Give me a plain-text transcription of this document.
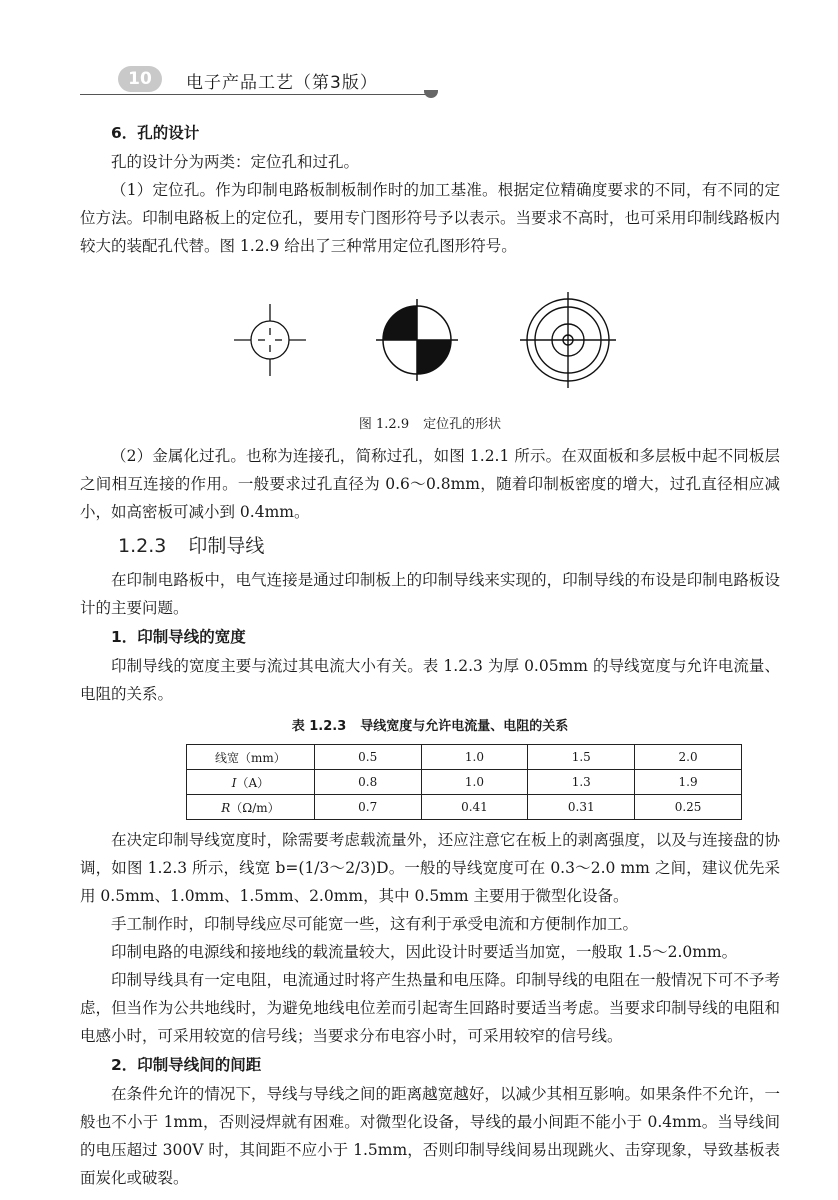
10	电子产品工艺（第3版）

6．孔的设计

孔的设计分为两类：定位孔和过孔。

（1）定位孔。作为印制电路板制板制作时的加工基准。根据定位精确度要求的不同，有不同的定位方法。印制电路板上的定位孔，要用专门图形符号予以表示。当要求不高时，也可采用印制线路板内较大的装配孔代替。图 1.2.9 给出了三种常用定位孔图形符号。

图 1.2.9 定位孔的形状

（2）金属化过孔。也称为连接孔，简称过孔，如图 1.2.1 所示。在双面板和多层板中起不同板层之间相互连接的作用。一般要求过孔直径为 0.6～0.8mm，随着印制板密度的增大，过孔直径相应减小，如高密板可减小到 0.4mm。

1.2.3 印制导线

在印制电路板中，电气连接是通过印制板上的印制导线来实现的，印制导线的布设是印制电路板设计的主要问题。

1．印制导线的宽度

印制导线的宽度主要与流过其电流大小有关。表 1.2.3 为厚 0.05mm 的导线宽度与允许电流量、电阻的关系。

表 1.2.3 导线宽度与允许电流量、电阻的关系

线宽（mm）	0.5	1.0	1.5	2.0
I（A）	0.8	1.0	1.3	1.9
R（Ω/m）	0.7	0.41	0.31	0.25

在决定印制导线宽度时，除需要考虑载流量外，还应注意它在板上的剥离强度，以及与连接盘的协调，如图 1.2.3 所示，线宽 b=(1/3～2/3)D。一般的导线宽度可在 0.3～2.0 mm 之间，建议优先采用 0.5mm、1.0mm、1.5mm、2.0mm，其中 0.5mm 主要用于微型化设备。

手工制作时，印制导线应尽可能宽一些，这有利于承受电流和方便制作加工。

印制电路的电源线和接地线的载流量较大，因此设计时要适当加宽，一般取 1.5～2.0mm。

印制导线具有一定电阻，电流通过时将产生热量和电压降。印制导线的电阻在一般情况下可不予考虑，但当作为公共地线时，为避免地线电位差而引起寄生回路时要适当考虑。当要求印制导线的电阻和电感小时，可采用较宽的信号线；当要求分布电容小时，可采用较窄的信号线。

2．印制导线间的间距

在条件允许的情况下，导线与导线之间的距离越宽越好，以减少其相互影响。如果条件不允许，一般也不小于 1mm，否则浸焊就有困难。对微型化设备，导线的最小间距不能小于 0.4mm。当导线间的电压超过 300V 时，其间距不应小于 1.5mm，否则印制导线间易出现跳火、击穿现象，导致基板表面炭化或破裂。
